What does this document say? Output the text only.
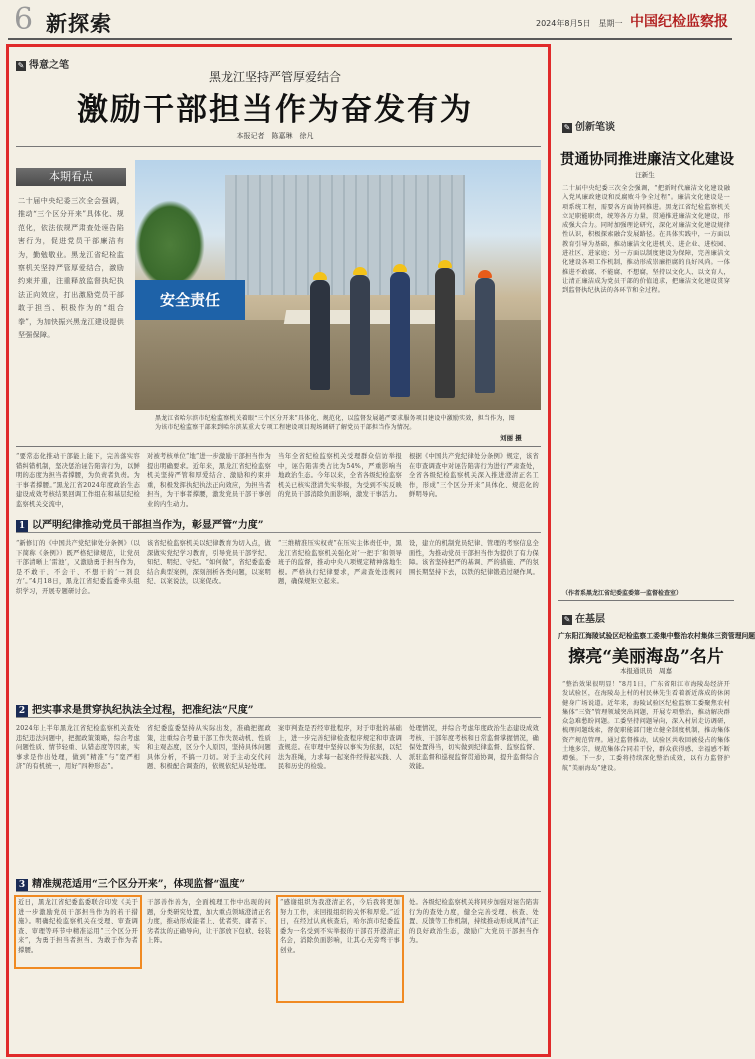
6 新探索	2024年8月5日　星期一 中国纪检监察报
✎ 得意之笔
黑龙江坚持严管厚爱结合
激励干部担当作为奋发有为
本报记者　陈嘉琳　徐凡
本期看点
二十届中央纪委三次全会强调，推动“三个区分开来”具体化、规范化，依法依规严肃查处诬告陷害行为，促进党员干部廉洁有为，勤勉敬业。黑龙江省纪检监察机关坚持严管厚爱结合，激励约束并重，注重释放监督执纪执法正向效应，打出激励党员干部敢于担当、积极作为的“组合拳”，为加快振兴黑龙江建设提供坚强保障。
安全责任
黑龙江省哈尔滨市纪检监察机关着眼“三个区分开来”具体化、规范化，以监督发展越严要求服务项目建设中激励实效，担当作为，图为该市纪检监察干部来到哈尔滨某重大专项工程建设项目现场调研了解党员干部担当作为情况。
刘丽 摄
“要常态化推动干部能上能下，完善落实容错纠错机制，坚决惩治诬告陷害行为，以鲜明的态度为担当者撑腰，为负责者负责。为干事者撑腰。”黑龙江省2024年度政治生态建设成效考核结果回调工作组在和基层纪检监察机关交流中，
对被考核单位“地”进一步激励干部担当作为提出明确要求。近年来，黑龙江省纪检监察机关坚持严管和厚爱结合、激励和约束并重，积极发挥执纪执法正向效应，为担当者担当，为干事者撑腰，激发党员干部干事创业的内生动力。
当年全省纪检监察机关受理群众信访举报中，诬告陷害类占比为54%，严重影响当地政治生态。今年以来，全省各级纪检监察机关已核实澄清失实举报，为受到不实反映的党员干部消除负面影响，激发干事活力。
根据《中国共产党纪律处分条例》规定，该省在审查调查中对诬告陷害行为进行严肃查处，全省各级纪检监察机关深入推进澄清正名工作，形成“三个区分开来”具体化、规范化的鲜明导向。
1 以严明纪律推动党员干部担当作为，彰显严管“力度”
“新修订的《中国共产党纪律处分条例》（以下简称《条例》）既严格纪律规范，让党员干部清晰上‘雷池’，又激励勇于担当作为，是不敢干、不会干、不想干的‘一剂良方’。”4月18日，黑龙江省纪委监委牵头组织学习，开展专题研讨会。
该省纪检监察机关以纪律教育为切入点，做深做实党纪学习教育，引导党员干部学纪、知纪、明纪、守纪。“如何做”，省纪委监委结合典型案例，深刻剖析各类问题，以案明纪、以案说法，以案促改。
“三维精准压实权责”在压实主体责任中，黑龙江省纪检监察机关强化对‘一把手’和领导班子的监督，推动中央八项规定精神落地生根。严格执行纪律要求，严肃查处违规问题，确保规矩立起来。
设，建立的机制党员纪律、管理的考察信息全面性，为推动党员干部担当作为提供了有力保障。该省坚持把严的基调、严的措施、严的氛围长期坚持下去，以铁的纪律锻造过硬作风。
2 把实事求是贯穿执纪执法全过程，把准纪法“尺度”
2024年上半年黑龙江省纪检监察机关查处违纪违法问题中，把握政策策略，综合考虑问题性质、情节轻重、认错态度等因素，实事求是作出处理，做到“精准”与“宽严相济”的有机统一，用好“四种形态”。
省纪委监委坚持从实际出发，准确把握政策，注重综合考量干部工作失误动机、性质和主观态度，区分个人原因，坚持具体问题具体分析，不搞一刀切。对于主动交代问题、积极配合调查的，依规依纪从轻处理。
案审判查是否经审批程序，对于审批的基础上，进一步完善纪律检查程序规定和审查调查规范。在审理中坚持以事实为依据，以纪法为准绳，力求每一起案件经得起实践、人民和历史的检验。
处理情况，并综合考虑年度政治生态建设成效考核、干部年度考核和日常监督掌握情况，确保处置得当，切实做到纪律监督、监察监督、派驻监督和巡视监督贯通协调，提升监督综合效能。
3 精准规范适用“三个区分开来”，体现监督“温度”
近日，黑龙江省纪委监委联合印发《关于进一步激励党员干部担当作为的若干措施》。明确纪检监察机关在受理、审查调查、审理等环节中精准运用“三个区分开来”，为勇于担当者担当、为敢于作为者撑腰。
干部善作善为，全面梳理工作中出现的问题，分类研究处置，加大重点领域澄清正名力度，推动形成能者上、优者奖、庸者下、劣者汰的正确导向，让干部放下包袱、轻装上阵。
“感谢组织为我澄清正名，今后我将更加努力工作，来回报组织的关怀和厚爱。”近日，在经过认真核查后，哈尔滨市纪委监委为一名受到不实举报的干部召开澄清正名会，消除负面影响，让其心无旁骛干事创业。
处。各级纪检监察机关将同步加强对诬告陷害行为的查处力度，健全完善受理、核查、处置、反馈等工作机制，持续推动形成风清气正的良好政治生态，激励广大党员干部担当作为。
✎ 创新笔谈
贯通协同推进廉洁文化建设
汪新生
二十届中央纪委三次全会强调，“把新时代廉洁文化建设融入党风廉政建设和反腐败斗争全过程”。廉洁文化建设是一项系统工程，需要各方面协同推进。黑龙江省纪检监察机关立足职能职责，统筹各方力量，贯通推进廉洁文化建设，形成强大合力。同时加强理论研究，深化对廉洁文化建设规律性认识，积极探索融合发展路径。在具体实践中，一方面以教育引导为基础，推动廉洁文化进机关、进企业、进校园、进社区、进家庭；另一方面以制度建设为保障，完善廉洁文化建设各项工作机制，推动形成崇廉拒腐的良好风尚。一体推进不敢腐、不能腐、不想腐，坚持以文化人、以文育人，让清正廉洁成为党员干部的价值追求，把廉洁文化建设贯穿到监督执纪执法的各环节和全过程。
（作者系黑龙江省纪委监委第一监督检查室）
✎ 在基层
广东阳江海陵试验区纪检监察工委集中整治农村集体三资管理问题
擦亮“美丽海岛”名片
本报通讯员　周嘉
“整治效果很明显！”8月1日，广东省阳江市海陵岛经济开发试验区，在海陵岛上村的村民林先生看着新近落成的休闲健身广场说道。近年来，海陵试验区纪检监察工委聚焦农村集体“三资”管理领域突出问题，开展专项整治，推动解决群众急难愁盼问题。工委坚持问题导向，深入村居走访调研，梳理问题线索，督促职能部门建立健全制度机制，推动集体资产规范管理。通过监督推动，试验区共收回被侵占的集体土地多宗，规范集体合同若干份，群众获得感、幸福感不断增强。下一步，工委将持续深化整治成效，以有力监督护航“美丽海岛”建设。
